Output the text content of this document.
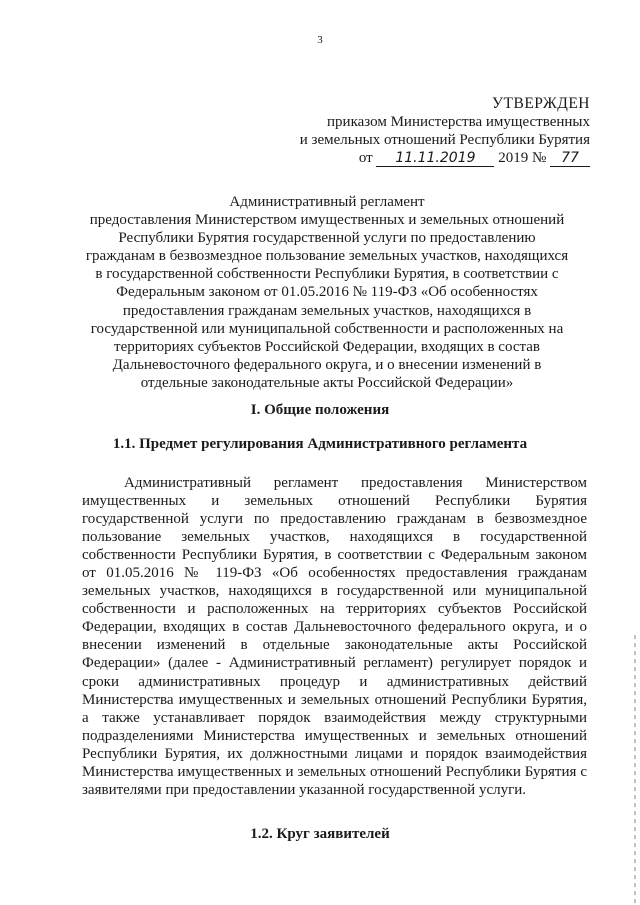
3
УТВЕРЖДЕН
приказом Министерства имущественных
и земельных отношений Республики Бурятия
от 11.11.2019 2019 № 77
Административный регламент
предоставления Министерством имущественных и земельных отношений Республики Бурятия государственной услуги по предоставлению гражданам в безвозмездное пользование земельных участков, находящихся в государственной собственности Республики Бурятия, в соответствии с Федеральным законом от 01.05.2016 № 119-ФЗ «Об особенностях предоставления гражданам земельных участков, находящихся в государственной или муниципальной собственности и расположенных на территориях субъектов Российской Федерации, входящих в состав Дальневосточного федерального округа, и о внесении изменений в отдельные законодательные акты Российской Федерации»
I. Общие положения
1.1. Предмет регулирования Административного регламента

Административный регламент предоставления Министерством имущественных и земельных отношений Республики Бурятия государственной услуги по предоставлению гражданам в безвозмездное пользование земельных участков, находящихся в государственной собственности Республики Бурятия, в соответствии с Федеральным законом от 01.05.2016 № 119-ФЗ «Об особенностях предоставления гражданам земельных участков, находящихся в государственной или муниципальной собственности и расположенных на территориях субъектов Российской Федерации, входящих в состав Дальневосточного федерального округа, и о внесении изменений в отдельные законодательные акты Российской Федерации» (далее - Административный регламент) регулирует порядок и сроки административных процедур и административных действий Министерства имущественных и земельных отношений Республики Бурятия, а также устанавливает порядок взаимодействия между структурными подразделениями Министерства имущественных и земельных отношений Республики Бурятия, их должностными лицами и порядок взаимодействия Министерства имущественных и земельных отношений Республики Бурятия с заявителями при предоставлении указанной государственной услуги.

1.2. Круг заявителей
